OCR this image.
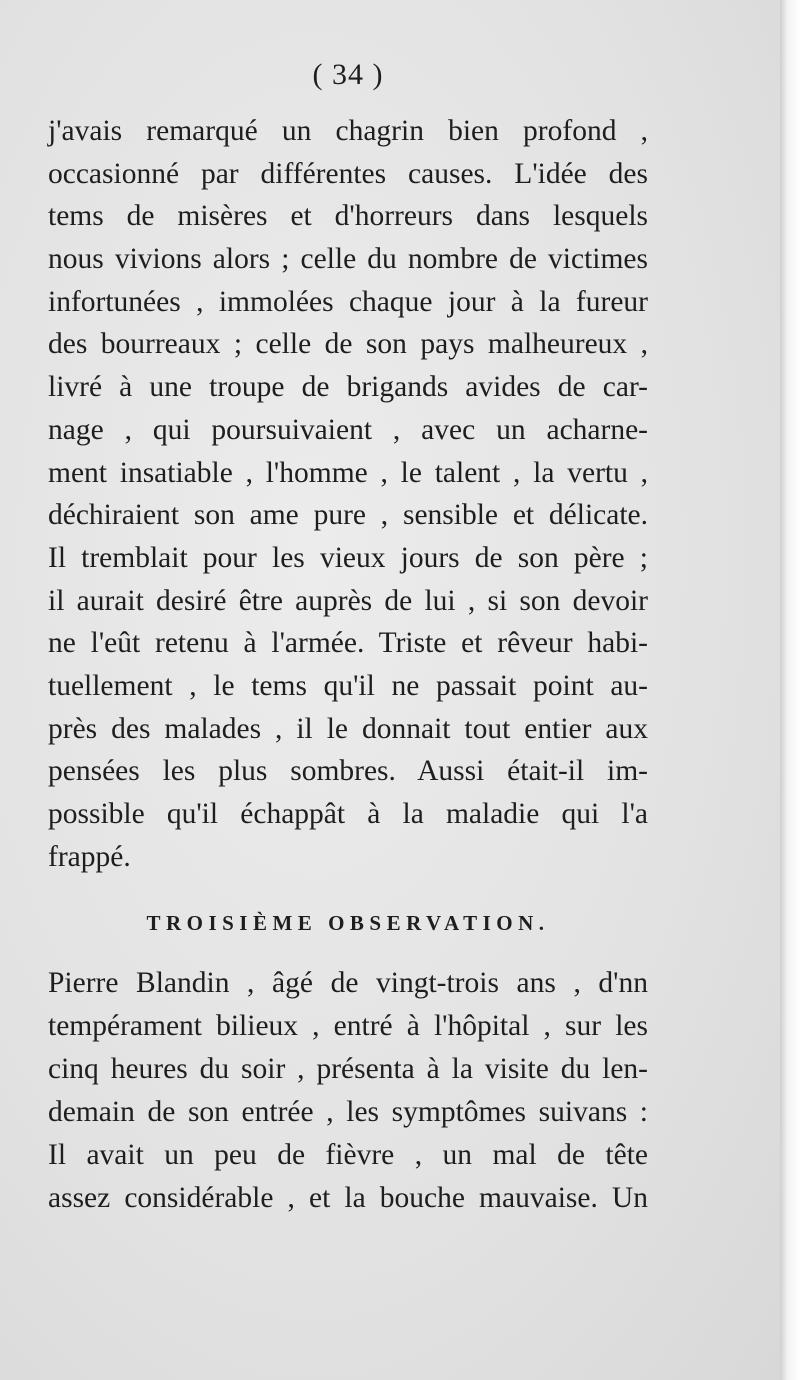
( 34 )
j'avais remarqué un chagrin bien profond ,
occasionné par différentes causes. L'idée des
tems de misères et d'horreurs dans lesquels
nous vivions alors ; celle du nombre de victimes
infortunées , immolées chaque jour à la fureur
des bourreaux ; celle de son pays malheureux ,
livré à une troupe de brigands avides de car-
nage , qui poursuivaient , avec un acharne-
ment insatiable , l'homme , le talent , la vertu ,
déchiraient son ame pure , sensible et délicate.
Il tremblait pour les vieux jours de son père ;
il aurait desiré être auprès de lui , si son devoir
ne l'eût retenu à l'armée. Triste et rêveur habi-
tuellement , le tems qu'il ne passait point au-
près des malades , il le donnait tout entier aux
pensées les plus sombres. Aussi était-il im-
possible qu'il échappât à la maladie qui l'a
frappé.
TROISIÈME OBSERVATION.
Pierre Blandin , âgé de vingt-trois ans , d'nn
tempérament bilieux , entré à l'hôpital , sur les
cinq heures du soir , présenta à la visite du len-
demain de son entrée , les symptômes suivans :
Il avait un peu de fièvre , un mal de tête
assez considérable , et la bouche mauvaise. Un
